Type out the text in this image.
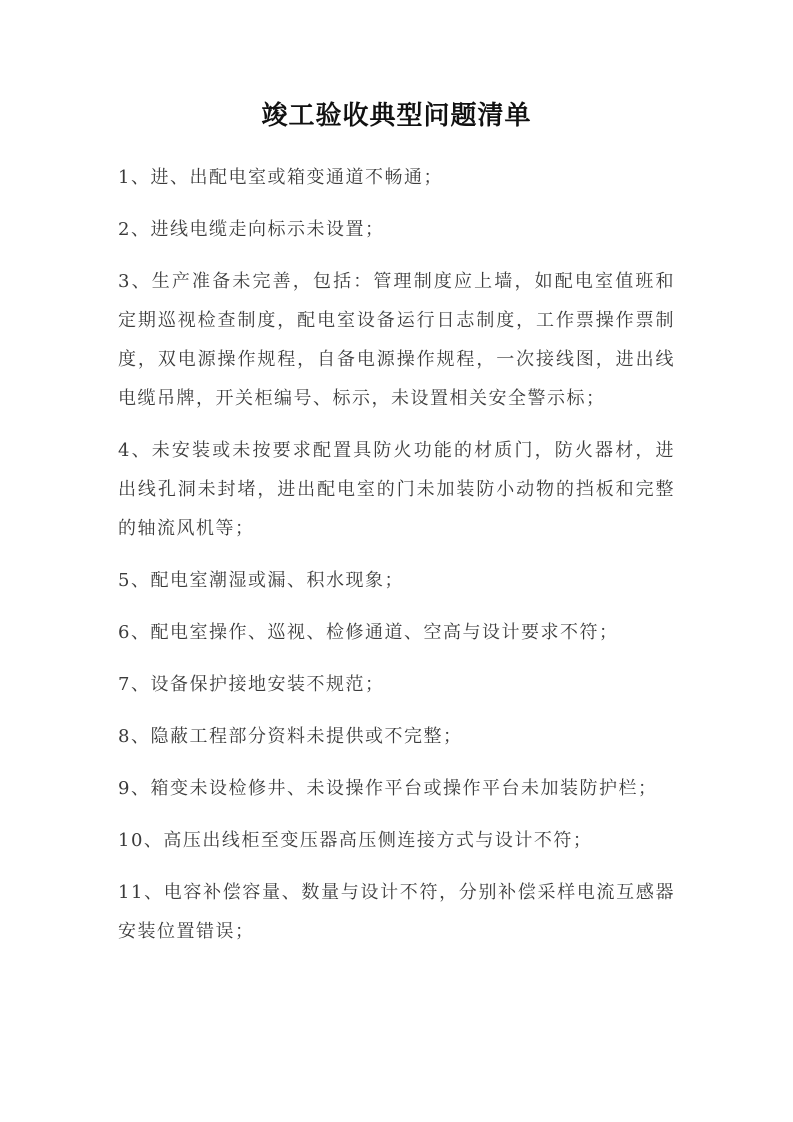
竣工验收典型问题清单

1、进、出配电室或箱变通道不畅通；

2、进线电缆走向标示未设置；

3、生产准备未完善，包括：管理制度应上墙，如配电室值班和定期巡视检查制度，配电室设备运行日志制度，工作票操作票制度，双电源操作规程，自备电源操作规程，一次接线图，进出线电缆吊牌，开关柜编号、标示，未设置相关安全警示标；

4、未安装或未按要求配置具防火功能的材质门，防火器材，进出线孔洞未封堵，进出配电室的门未加装防小动物的挡板和完整的轴流风机等；

5、配电室潮湿或漏、积水现象；

6、配电室操作、巡视、检修通道、空高与设计要求不符；

7、设备保护接地安装不规范；

8、隐蔽工程部分资料未提供或不完整；

9、箱变未设检修井、未设操作平台或操作平台未加装防护栏；

10、高压出线柜至变压器高压侧连接方式与设计不符；

11、电容补偿容量、数量与设计不符，分别补偿采样电流互感器安装位置错误；
